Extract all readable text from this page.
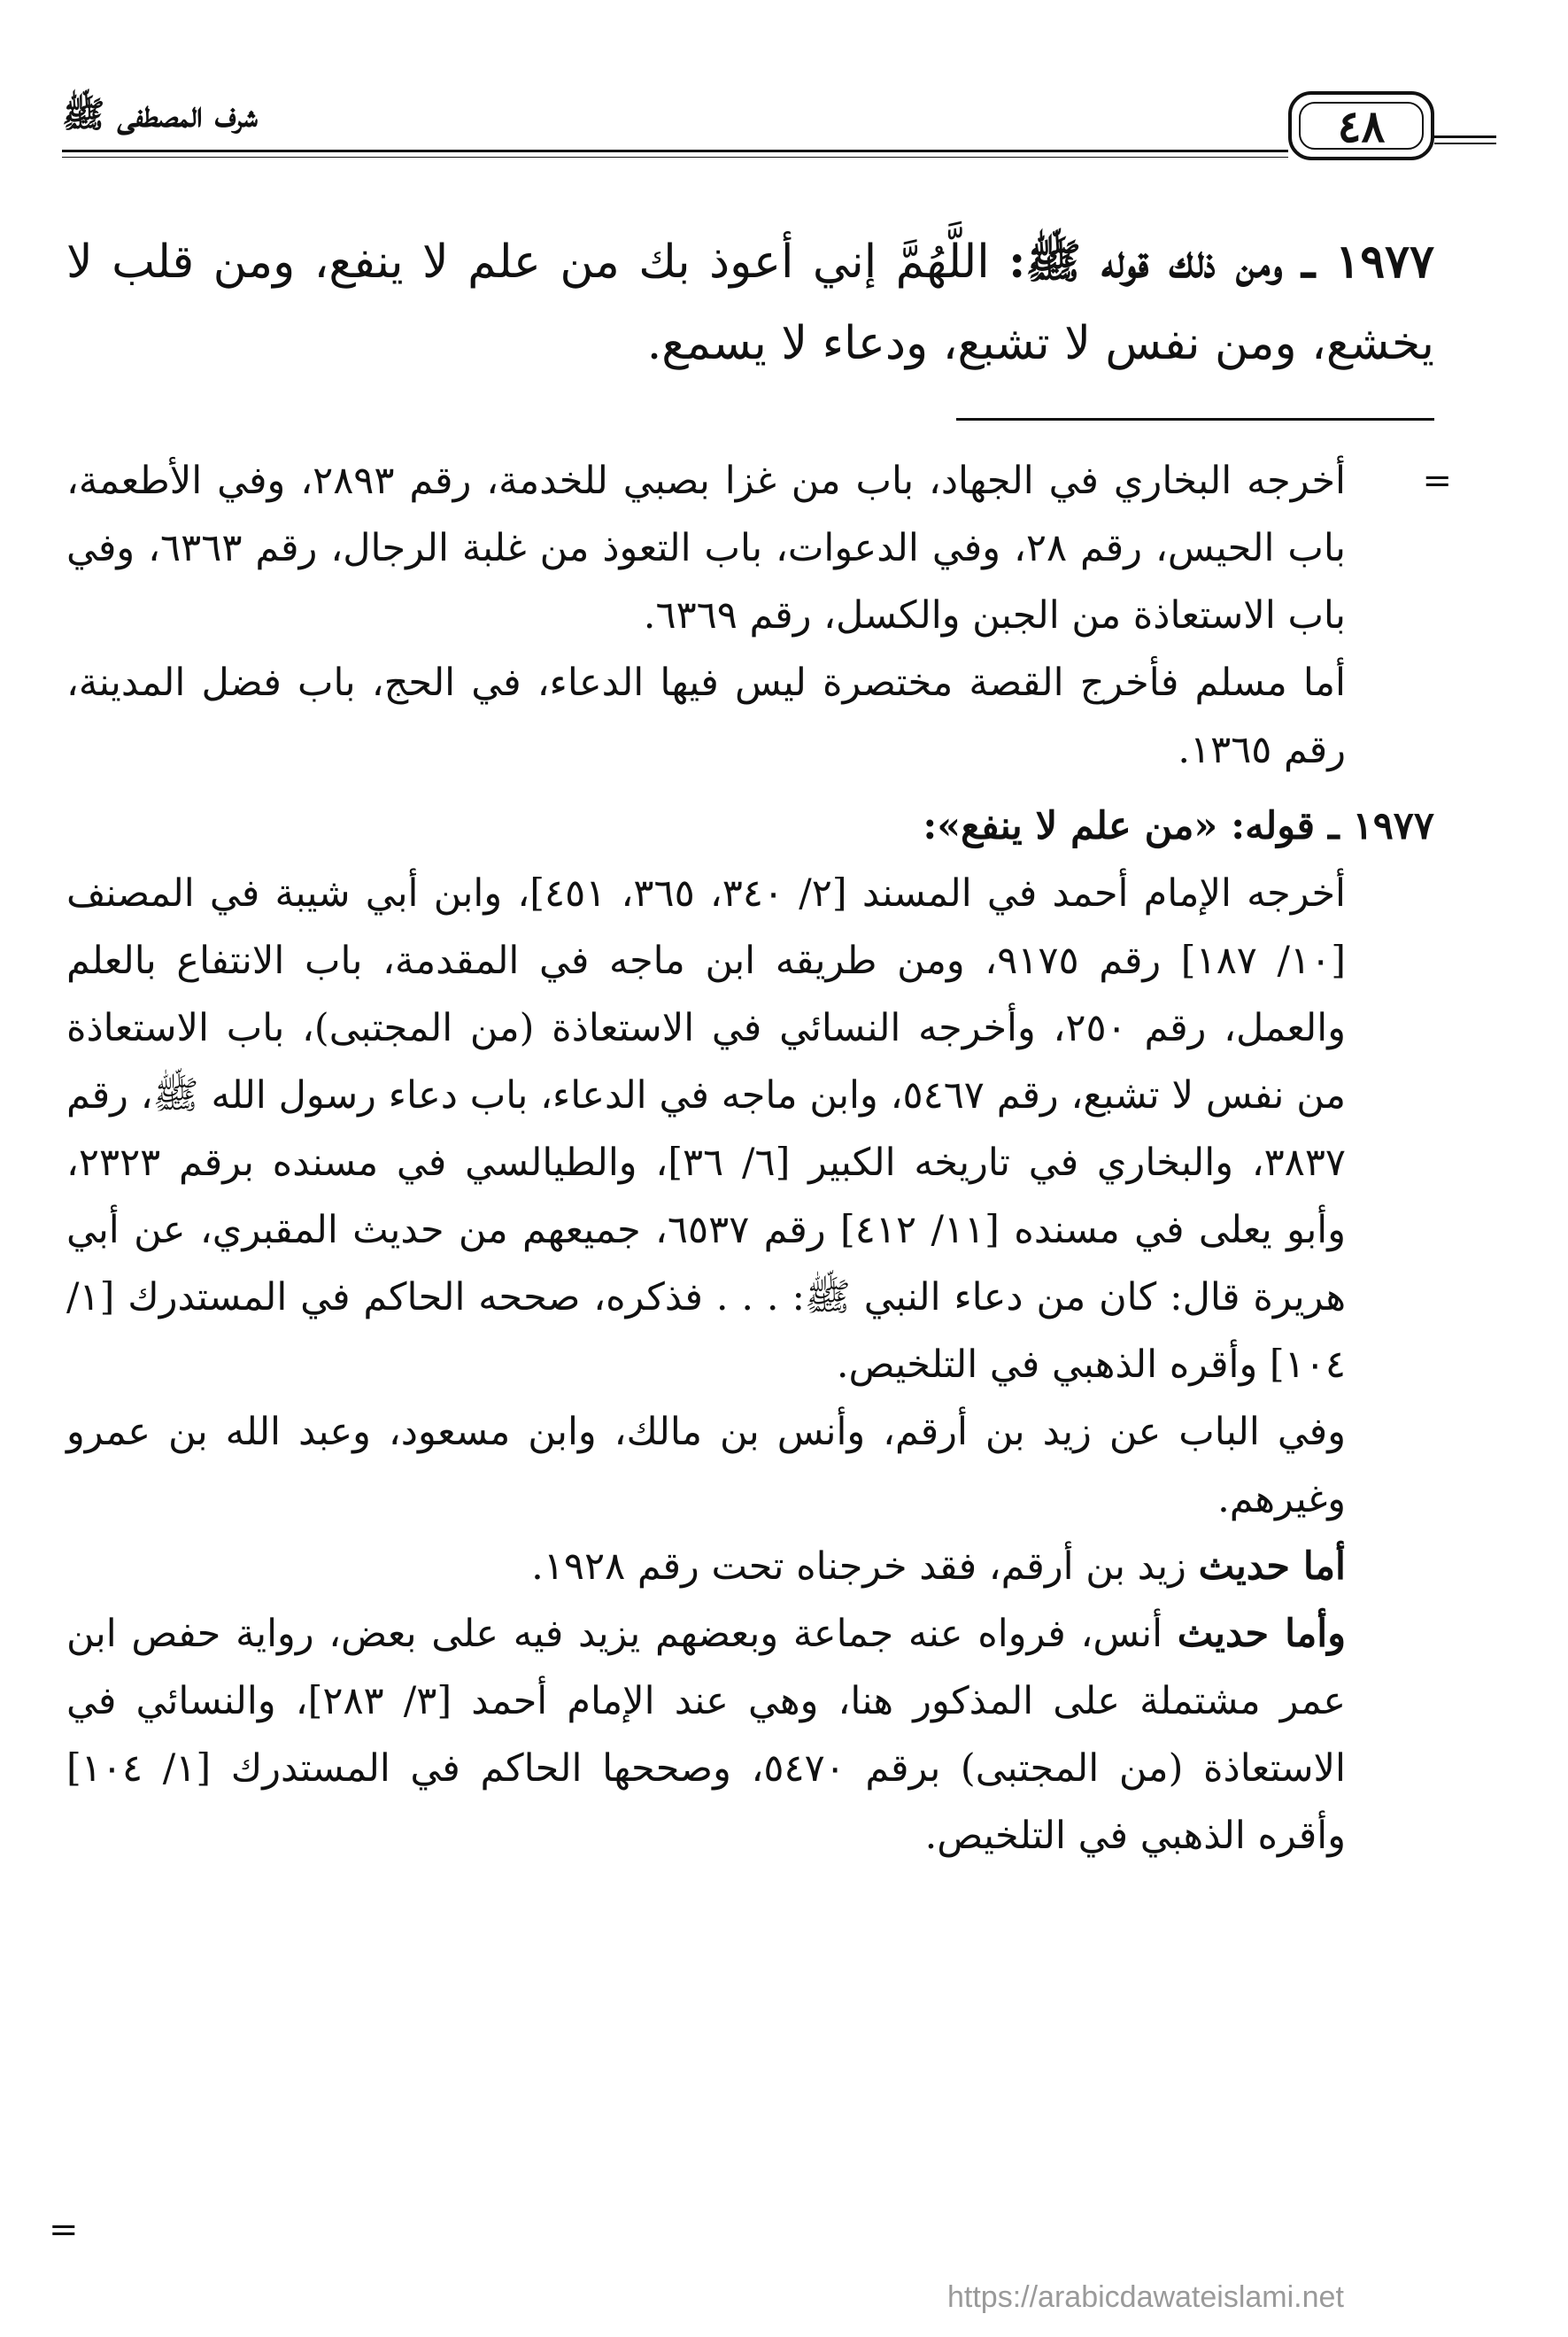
شرف المصطفى ﷺ	٤٨

١٩٧٧ ـ ومن ذلك قوله ﷺ: اللَّهُمَّ إني أعوذ بك من علم لا ينفع، ومن قلب لا يخشع، ومن نفس لا تشبع، ودعاء لا يسمع.

=

أخرجه البخاري في الجهاد، باب من غزا بصبي للخدمة، رقم ٢٨٩٣، وفي الأطعمة، باب الحيس، رقم ٢٨، وفي الدعوات، باب التعوذ من غلبة الرجال، رقم ٦٣٦٣، وفي باب الاستعاذة من الجبن والكسل، رقم ٦٣٦٩.

أما مسلم فأخرج القصة مختصرة ليس فيها الدعاء، في الحج، باب فضل المدينة، رقم ١٣٦٥.

١٩٧٧ ـ قوله: «من علم لا ينفع»:

أخرجه الإمام أحمد في المسند [٢/ ٣٤٠، ٣٦٥، ٤٥١]، وابن أبي شيبة في المصنف [١٠/ ١٨٧] رقم ٩١٧٥، ومن طريقه ابن ماجه في المقدمة، باب الانتفاع بالعلم والعمل، رقم ٢٥٠، وأخرجه النسائي في الاستعاذة (من المجتبى)، باب الاستعاذة من نفس لا تشبع، رقم ٥٤٦٧، وابن ماجه في الدعاء، باب دعاء رسول الله ﷺ، رقم ٣٨٣٧، والبخاري في تاريخه الكبير [٦/ ٣٦]، والطيالسي في مسنده برقم ٢٣٢٣، وأبو يعلى في مسنده [١١/ ٤١٢] رقم ٦٥٣٧، جميعهم من حديث المقبري، عن أبي هريرة قال: كان من دعاء النبي ﷺ: . . . فذكره، صححه الحاكم في المستدرك [١/ ١٠٤] وأقره الذهبي في التلخيص.

وفي الباب عن زيد بن أرقم، وأنس بن مالك، وابن مسعود، وعبد الله بن عمرو وغيرهم.

أما حديث زيد بن أرقم، فقد خرجناه تحت رقم ١٩٢٨.

وأما حديث أنس، فرواه عنه جماعة وبعضهم يزيد فيه على بعض، رواية حفص ابن عمر مشتملة على المذكور هنا، وهي عند الإمام أحمد [٣/ ٢٨٣]، والنسائي في الاستعاذة (من المجتبى) برقم ٥٤٧٠، وصححها الحاكم في المستدرك [١/ ١٠٤] وأقره الذهبي في التلخيص.

=
https://arabicdawateislami.net
